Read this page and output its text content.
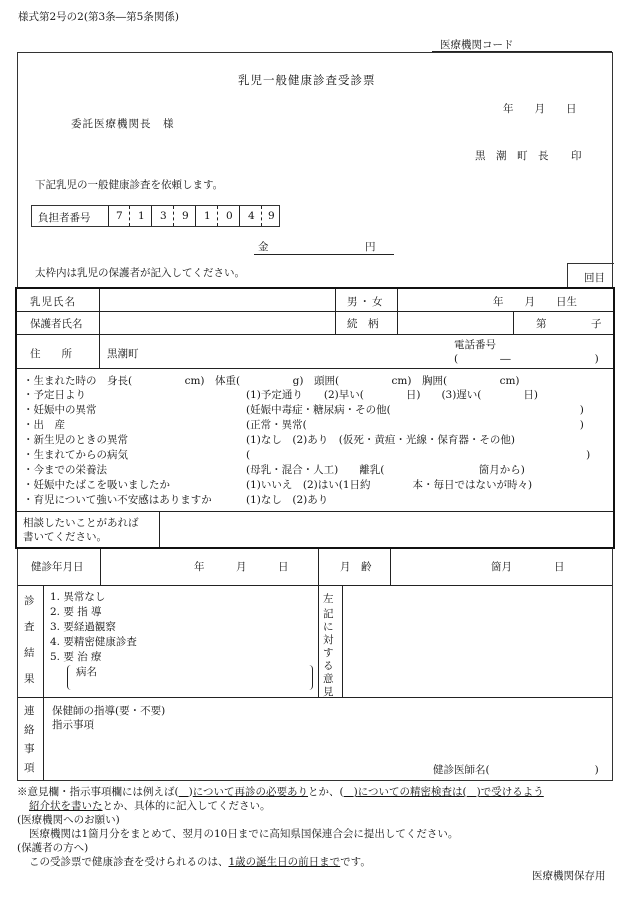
様式第2号の2(第3条―第5条関係)
医療機関コード
乳児一般健康診査受診票
年　　月　　日
委託医療機関長　様
黒　潮　町　長 印
下記乳児の一般健康診査を依頼します。
負担者番号 7 1 3 9 1 0 4 9
金	円
太枠内は乳児の保護者が記入してください。	回目
乳児氏名	男・女	年　　月　　日生
保護者氏名	続　柄	第	子
住　　所	黒潮町
電話番号
(　　　　―　　　　　　　　)
・生まれた時の　身長(　　　　　cm)　体重(　　　　　g)　頭囲(　　　　　cm)　胸囲(　　　　　cm)
・予定日より	(1)予定通り　　(2)早い(　　　　日)　　(3)遅い(　　　　日)
・妊娠中の異常	(妊娠中毒症・糖尿病・その他(　　　　　　　　　　　　　　　　　　)
・出　産	(正常・異常(　　　　　　　　　　　　　　　　　　　　　　　　　　)
・新生児のときの異常	(1)なし　(2)あり　(仮死・黄疸・光線・保育器・その他)
・生まれてからの病気	(　　　　　　　　　　　　　　　　　　　　　　　　　　　　　　　　)
・今までの栄養法	(母乳・混合・人工)　　離乳(　　　　　　　　　箇月から)
・妊娠中たばこを吸いましたか	(1)いいえ　(2)はい(1日約　　　　本・毎日ではないが時々)
・育児について強い不安感はありますか	(1)なし　(2)あり
相談したいことがあれば
書いてください。
健診年月日	年　　　月　　　日	月　齢	箇月　　　　日
診
査
結
果
1. 異常なし
2. 要 指 導
3. 要経過観察
4. 要精密健康診査
5. 要 治 療
病名
左
記
に
対
す
る
意
見
連
絡
事
項
保健師の指導(要・不要)
指示事項
健診医師名(　　　　　　　　　　)
※意見欄・指示事項欄には例えば( )について再診の必要ありとか、( )についての精密検査は(   )で受けるよう
紹介状を書いたとか、具体的に記入してください。
(医療機関へのお願い)
医療機関は1箇月分をまとめて、翌月の10日までに高知県国保連合会に提出してください。
(保護者の方へ)
この受診票で健康診査を受けられるのは、1歳の誕生日の前日までです。
医療機関保存用
